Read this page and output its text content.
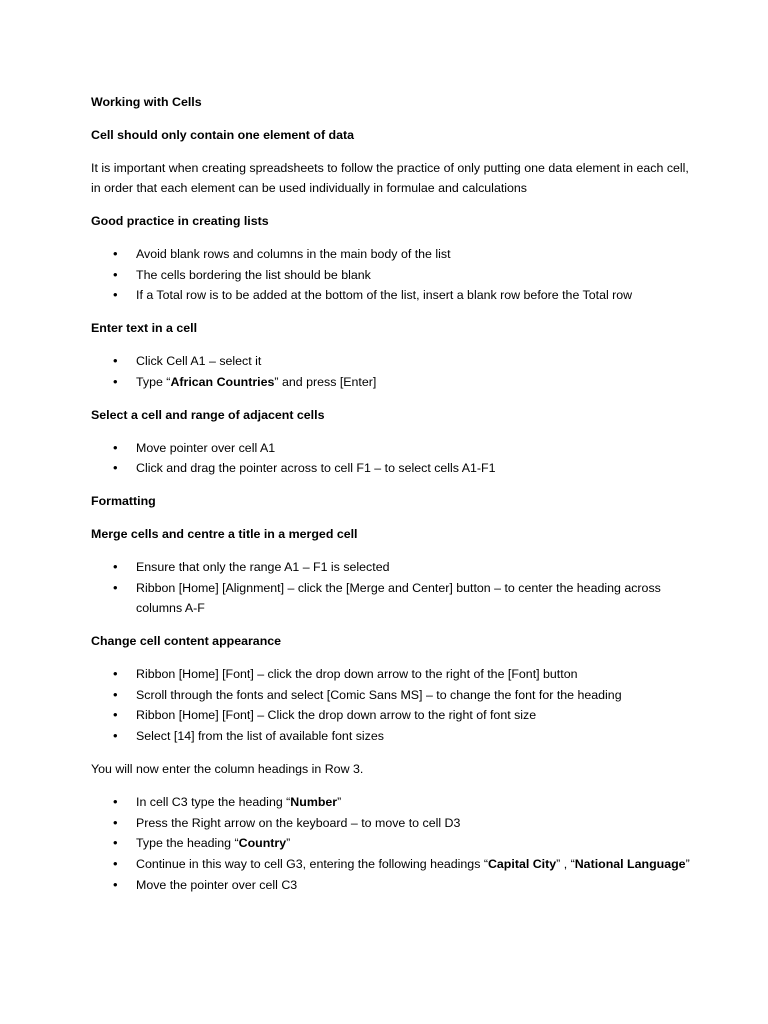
Working with Cells

Cell should only contain one element of data

It is important when creating spreadsheets to follow the practice of only putting one data element in each cell, in order that each element can be used individually in formulae and calculations

Good practice in creating lists

• Avoid blank rows and columns in the main body of the list
• The cells bordering the list should be blank
• If a Total row is to be added at the bottom of the list, insert a blank row before the Total row

Enter text in a cell

• Click Cell A1 – select it
• Type “African Countries” and press [Enter]

Select a cell and range of adjacent cells

• Move pointer over cell A1
• Click and drag the pointer across to cell F1 – to select cells A1-F1

Formatting

Merge cells and centre a title in a merged cell

• Ensure that only the range A1 – F1 is selected
• Ribbon [Home] [Alignment] – click the [Merge and Center] button – to center the heading across columns A-F

Change cell content appearance

• Ribbon [Home] [Font] – click the drop down arrow to the right of the [Font] button
• Scroll through the fonts and select [Comic Sans MS] – to change the font for the heading
• Ribbon [Home] [Font] – Click the drop down arrow to the right of font size
• Select [14] from the list of available font sizes

You will now enter the column headings in Row 3.

• In cell C3 type the heading “Number”
• Press the Right arrow on the keyboard – to move to cell D3
• Type the heading “Country”
• Continue in this way to cell G3, entering the following headings “Capital City” , “National Language”
• Move the pointer over cell C3
